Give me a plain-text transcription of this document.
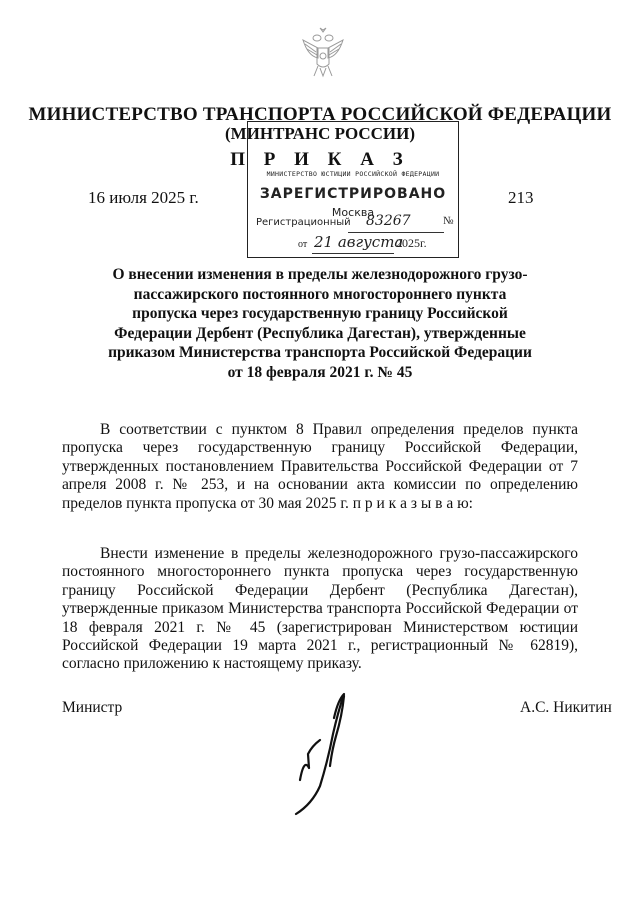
МИНИСТЕРСТВО ТРАНСПОРТА РОССИЙСКОЙ ФЕДЕРАЦИИ
(МИНТРАНС РОССИИ)
П Р И К А З
16 июля 2025 г.	213
МИНИСТЕРСТВО ЮСТИЦИИ РОССИЙСКОЙ ФЕДЕРАЦИИ
ЗАРЕГИСТРИРОВАНО
Москва
Регистрационный 83267	№
от 21 августа
2025г.
О внесении изменения в пределы железнодорожного грузо-пассажирского постоянного многостороннего пункта пропуска через государственную границу Российской Федерации Дербент (Республика Дагестан), утвержденные приказом Министерства транспорта Российской Федерации от 18 февраля 2021 г. № 45
В соответствии с пунктом 8 Правил определения пределов пункта пропуска через государственную границу Российской Федерации, утвержденных постановлением Правительства Российской Федерации от 7 апреля 2008 г. № 253, и на основании акта комиссии по определению пределов пункта пропуска от 30 мая 2025 г. п р и к а з ы в а ю:
Внести изменение в пределы железнодорожного грузо-пассажирского постоянного многостороннего пункта пропуска через государственную границу Российской Федерации Дербент (Республика Дагестан), утвержденные приказом Министерства транспорта Российской Федерации от 18 февраля 2021 г. № 45 (зарегистрирован Министерством юстиции Российской Федерации 19 марта 2021 г., регистрационный № 62819), согласно приложению к настоящему приказу.
Министр	А.С. Никитин
